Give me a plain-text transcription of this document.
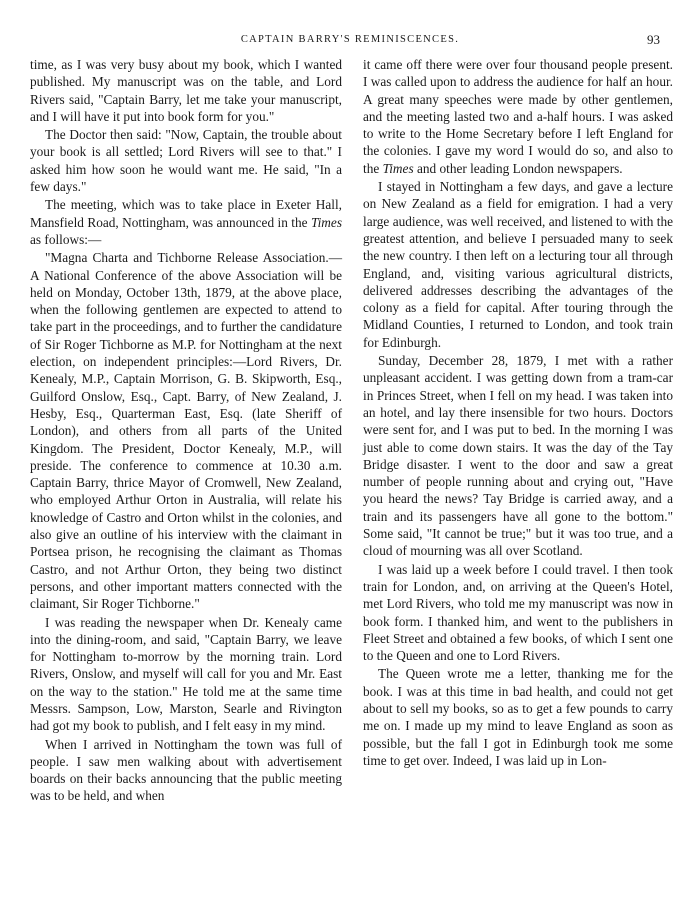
CAPTAIN BARRY'S REMINISCENCES.	93

time, as I was very busy about my book, which I wanted published. My manuscript was on the table, and Lord Rivers said, "Captain Barry, let me take your manuscript, and I will have it put into book form for you."

The Doctor then said: "Now, Captain, the trouble about your book is all settled; Lord Rivers will see to that." I asked him how soon he would want me. He said, "In a few days."

The meeting, which was to take place in Exeter Hall, Mansfield Road, Nottingham, was announced in the Times as follows:—

"Magna Charta and Tichborne Release Association.—A National Conference of the above Association will be held on Monday, October 13th, 1879, at the above place, when the following gentlemen are expected to attend to take part in the proceedings, and to further the candidature of Sir Roger Tichborne as M.P. for Nottingham at the next election, on independent principles:—Lord Rivers, Dr. Kenealy, M.P., Captain Morrison, G. B. Skipworth, Esq., Guilford Onslow, Esq., Capt. Barry, of New Zealand, J. Hesby, Esq., Quarterman East, Esq. (late Sheriff of London), and others from all parts of the United Kingdom. The President, Doctor Kenealy, M.P., will preside. The conference to commence at 10.30 a.m. Captain Barry, thrice Mayor of Cromwell, New Zealand, who employed Arthur Orton in Australia, will relate his knowledge of Castro and Orton whilst in the colonies, and also give an outline of his interview with the claimant in Portsea prison, he recognising the claimant as Thomas Castro, and not Arthur Orton, they being two distinct persons, and other important matters connected with the claimant, Sir Roger Tichborne."

I was reading the newspaper when Dr. Kenealy came into the dining-room, and said, "Captain Barry, we leave for Nottingham to-morrow by the morning train. Lord Rivers, Onslow, and myself will call for you and Mr. East on the way to the station." He told me at the same time Messrs. Sampson, Low, Marston, Searle and Rivington had got my book to publish, and I felt easy in my mind.

When I arrived in Nottingham the town was full of people. I saw men walking about with advertisement boards on their backs announcing that the public meeting was to be held, and when

it came off there were over four thousand people present. I was called upon to address the audience for half an hour. A great many speeches were made by other gentlemen, and the meeting lasted two and a-half hours. I was asked to write to the Home Secretary before I left England for the colonies. I gave my word I would do so, and also to the Times and other leading London newspapers.

I stayed in Nottingham a few days, and gave a lecture on New Zealand as a field for emigration. I had a very large audience, was well received, and listened to with the greatest attention, and believe I persuaded many to seek the new country. I then left on a lecturing tour all through England, and, visiting various agricultural districts, delivered addresses describing the advantages of the colony as a field for capital. After touring through the Midland Counties, I returned to London, and took train for Edinburgh.

Sunday, December 28, 1879, I met with a rather unpleasant accident. I was getting down from a tram-car in Princes Street, when I fell on my head. I was taken into an hotel, and lay there insensible for two hours. Doctors were sent for, and I was put to bed. In the morning I was just able to come down stairs. It was the day of the Tay Bridge disaster. I went to the door and saw a great number of people running about and crying out, "Have you heard the news? Tay Bridge is carried away, and a train and its passengers have all gone to the bottom." Some said, "It cannot be true;" but it was too true, and a cloud of mourning was all over Scotland.

I was laid up a week before I could travel. I then took train for London, and, on arriving at the Queen's Hotel, met Lord Rivers, who told me my manuscript was now in book form. I thanked him, and went to the publishers in Fleet Street and obtained a few books, of which I sent one to the Queen and one to Lord Rivers.

The Queen wrote me a letter, thanking me for the book. I was at this time in bad health, and could not get about to sell my books, so as to get a few pounds to carry me on. I made up my mind to leave England as soon as possible, but the fall I got in Edinburgh took me some time to get over. Indeed, I was laid up in Lon-
